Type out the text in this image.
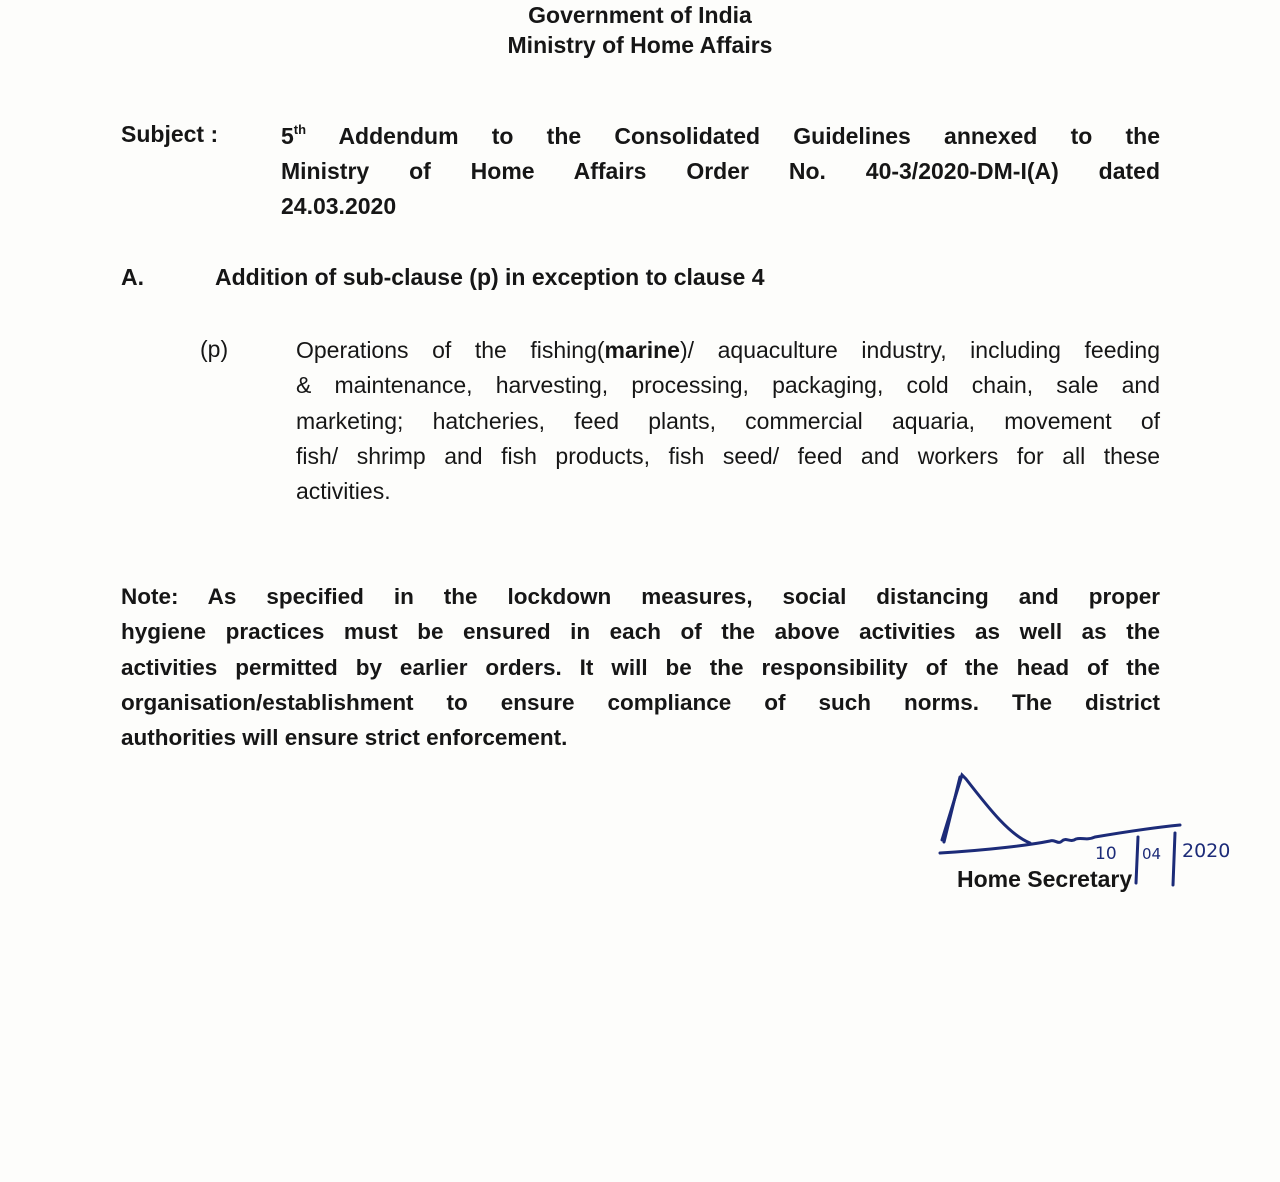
Government of India
Ministry of Home Affairs
Subject :	5th Addendum to the Consolidated Guidelines annexed to the
Ministry of Home Affairs Order No. 40-3/2020-DM-I(A) dated
24.03.2020
A.	Addition of sub-clause (p) in exception to clause 4
(p)	Operations of the fishing(marine)/ aquaculture industry, including feeding
& maintenance, harvesting, processing, packaging, cold chain, sale and
marketing; hatcheries, feed plants, commercial aquaria, movement of
fish/ shrimp and fish products, fish seed/ feed and workers for all these
activities.
Note: As specified in the lockdown measures, social distancing and proper
hygiene practices must be ensured in each of the above activities as well as the
activities permitted by earlier orders. It will be the responsibility of the head of the
organisation/establishment to ensure compliance of such norms. The district
authorities will ensure strict enforcement.
10 04 2020
Home Secretary
